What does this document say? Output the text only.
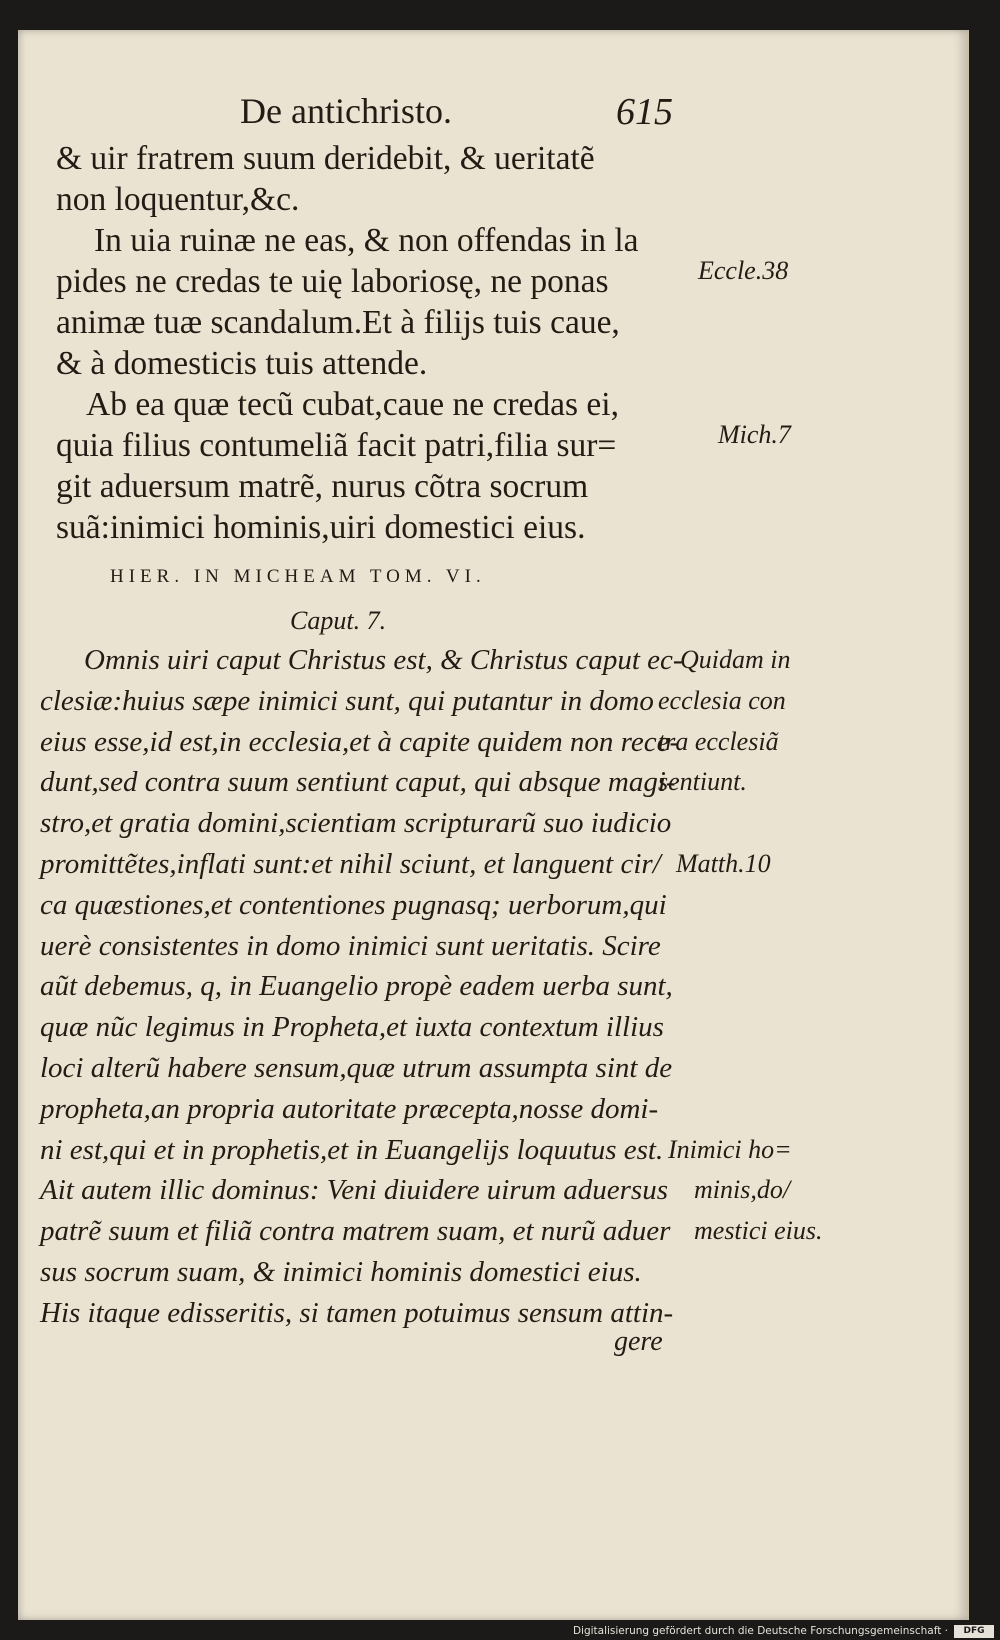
De antichristo.	615
& uir fratrem suum deridebit, & ueritatẽ
non loquentur,&c.
In uia ruinæ ne eas, & non offendas in la
pides ne credas te uię laboriosę, ne ponas
animæ tuæ scandalum.Et à filijs tuis caue,
& à domesticis tuis attende.
Ab ea quæ tecũ cubat,caue ne credas ei,
quia filius contumeliã facit patri,filia sur=
git aduersum matrẽ, nurus cõtra socrum
suã:inimici hominis,uiri domestici eius.
Eccle.38
Mich.7
HIER. IN MICHEAM TOM. VI.
Caput. 7.
Omnis uiri caput Christus est, & Christus caput ec-
clesiæ:huius sæpe inimici sunt, qui putantur in domo
eius esse,id est,in ecclesia,et à capite quidem non rece-
dunt,sed contra suum sentiunt caput, qui absque magi-
stro,et gratia domini,scientiam scripturarũ suo iudicio
promittẽtes,inflati sunt:et nihil sciunt, et languent cir/
ca quæstiones,et contentiones pugnasq; uerborum,qui
uerè consistentes in domo inimici sunt ueritatis. Scire
aũt debemus, q, in Euangelio propè eadem uerba sunt,
quæ nũc legimus in Propheta,et iuxta contextum illius
loci alterũ habere sensum,quæ utrum assumpta sint de
propheta,an propria autoritate præcepta,nosse domi-
ni est,qui et in prophetis,et in Euangelijs loquutus est.
Ait autem illic dominus: Veni diuidere uirum aduersus
patrẽ suum et filiã contra matrem suam, et nurũ aduer
sus socrum suam, & inimici hominis domestici eius.
His itaque edisseritis, si tamen potuimus sensum attin-
Quidam in
ecclesia con
tra ecclesiã
sentiunt.
Matth.10
Inimici ho=
minis,do/
mestici eius.
gere
Digitalisierung gefördert durch die Deutsche Forschungsgemeinschaft ·	DFG
